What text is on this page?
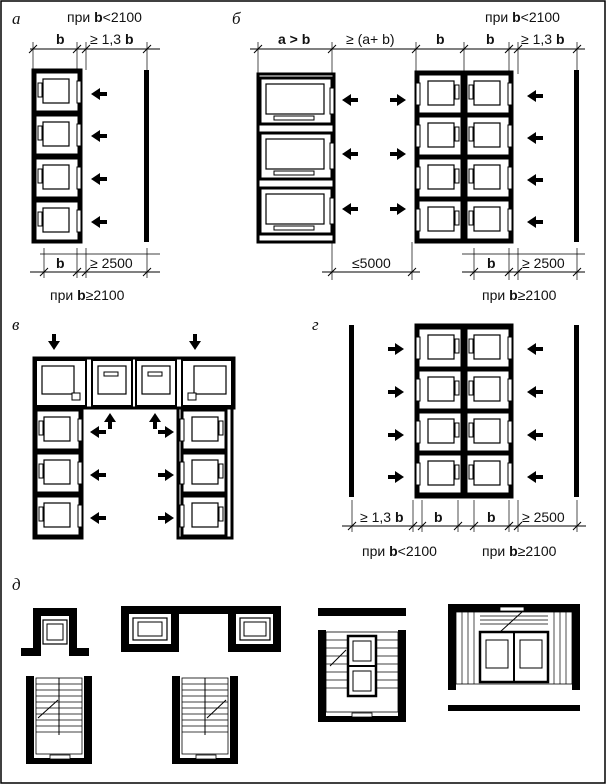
а	при b<2100
b ≥ 1,3 b
b ≥ 2500
при b≥2100
б	при b<2100
a > b	≥ (a+ b)	b	b ≥ 1,3 b
≤5000	b ≥ 2500
при b≥2100
в	г
≥ 1,3 b b	b ≥ 2500
при b<2100	при b≥2100
д
